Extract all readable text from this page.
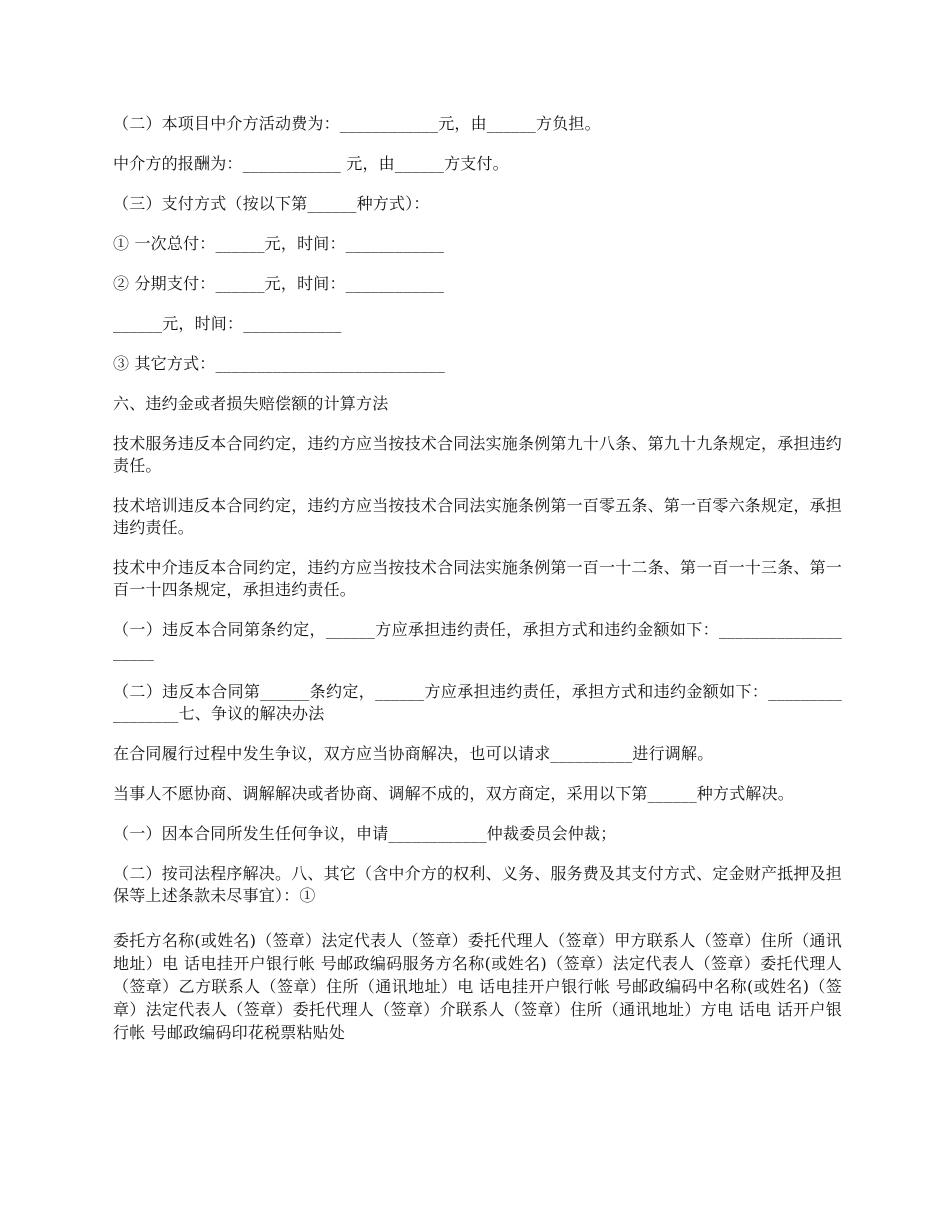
（二）本项目中介方活动费为：____________元，由______方负担。

中介方的报酬为：____________ 元，由______方支付。

（三）支付方式（按以下第______种方式）：

① 一次总付：______元，时间：____________

② 分期支付：______元，时间：____________

______元，时间：____________

③ 其它方式：____________________________

六、违约金或者损失赔偿额的计算方法

技术服务违反本合同约定，违约方应当按技术合同法实施条例第九十八条、第九十九条规定，承担违约责任。

技术培训违反本合同约定，违约方应当按技术合同法实施条例第一百零五条、第一百零六条规定，承担违约责任。

技术中介违反本合同约定，违约方应当按技术合同法实施条例第一百一十二条、第一百一十三条、第一百一十四条规定，承担违约责任。

（一）违反本合同第条约定，______方应承担违约责任，承担方式和违约金额如下：____________________

（二）违反本合同第______条约定，______方应承担违约责任，承担方式和违约金额如下：_________________七、争议的解决办法

在合同履行过程中发生争议，双方应当协商解决，也可以请求__________进行调解。

当事人不愿协商、调解解决或者协商、调解不成的，双方商定，采用以下第______种方式解决。

（一）因本合同所发生任何争议，申请____________仲裁委员会仲裁；

（二）按司法程序解决。八、其它（含中介方的权利、义务、服务费及其支付方式、定金财产抵押及担保等上述条款未尽事宜）：①

委托方名称(或姓名)（签章）法定代表人（签章）委托代理人（签章）甲方联系人（签章）住所（通讯地址）电 话电挂开户银行帐 号邮政编码服务方名称(或姓名)（签章）法定代表人（签章）委托代理人（签章）乙方联系人（签章）住所（通讯地址）电 话电挂开户银行帐 号邮政编码中名称(或姓名)（签章）法定代表人（签章）委托代理人（签章）介联系人（签章）住所（通讯地址）方电 话电 话开户银行帐 号邮政编码印花税票粘贴处
